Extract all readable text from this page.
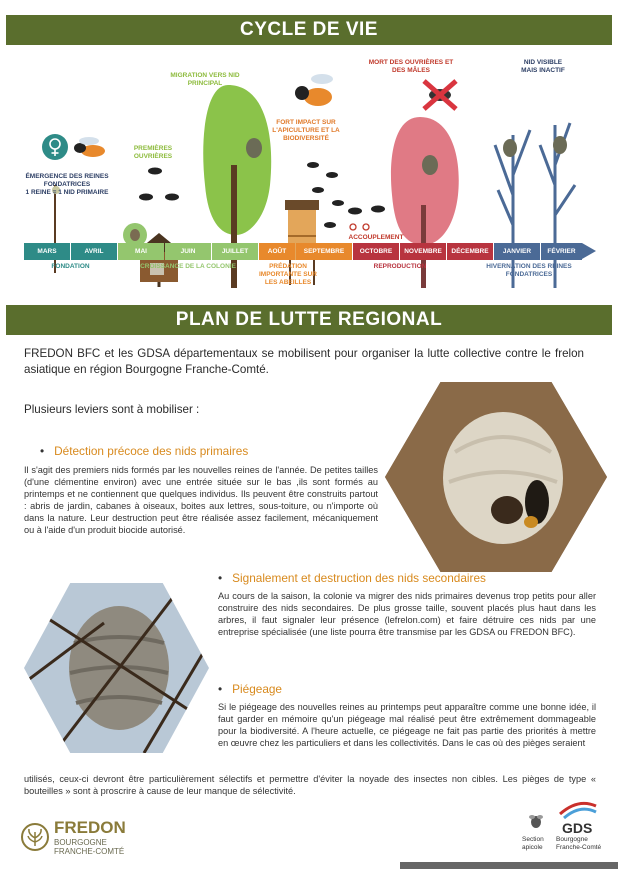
CYCLE DE VIE
ÉMERGENCE DES REINES FONDATRICES
1 REINE = 1 NID PRIMAIRE
PREMIÈRES OUVRIÈRES
MIGRATION VERS NID PRINCIPAL
FORT IMPACT SUR L'APICULTURE ET LA BIODIVERSITÉ
MORT DES OUVRIÈRES ET DES MÂLES
NID VISIBLE MAIS INACTIF
ACCOUPLEMENT
MARS	AVRIL	MAI	JUIN	JUILLET	AOÛT	SEPTEMBRE	OCTOBRE	NOVEMBRE	DÉCEMBRE	JANVIER	FÉVRIER
FONDATION	CROISSANCE DE LA COLONIE	PRÉDATION IMPORTANTE SUR LES ABEILLES
REPRODUCTION	HIVERNATION DES REINES FONDATRICES
PLAN DE LUTTE REGIONAL
FREDON BFC et les GDSA départementaux se mobilisent pour organiser la lutte collective contre le frelon asiatique en région Bourgogne Franche-Comté.
Plusieurs leviers sont à mobiliser :
• Détection précoce des nids primaires
Il s'agit des premiers nids formés par les nouvelles reines de l'année. De petites tailles (d'une clémentine environ) avec une entrée située sur le bas ,ils sont formés au printemps et ne contiennent que quelques individus. Ils peuvent être construits partout : abris de jardin, cabanes à oiseaux, boites aux lettres, sous-toiture, ou n'importe où dans la nature. Leur destruction peut être réalisée assez facilement, mécaniquement ou à l'aide d'un produit biocide autorisé.
• Signalement et destruction des nids secondaires
Au cours de la saison, la colonie va migrer des nids primaires devenus trop petits pour aller construire des nids secondaires. De plus grosse taille, souvent placés plus haut dans les arbres, il faut signaler leur présence (lefrelon.com) et faire détruire ces nids par une entreprise spécialisée (une liste pourra être transmise par les GDSA ou FREDON BFC).
• Piégeage
Si le piégeage des nouvelles reines au printemps peut apparaître comme une bonne idée, il faut garder en mémoire qu'un piégeage mal réalisé peut être extrêmement dommageable pour la biodiversité. A l'heure actuelle, ce piégeage ne fait pas partie des priorités à mettre en œuvre chez les particuliers et dans les collectivités. Dans le cas où des pièges seraient
utilisés, ceux-ci devront être particulièrement sélectifs et permettre d'éviter la noyade des insectes non cibles. Les pièges de type « bouteilles » sont à proscrire à cause de leur manque de sélectivité.
FREDON
BOURGOGNE
FRANCHE-COMTÉ
GDS
Section apicole
Bourgogne Franche-Comté
